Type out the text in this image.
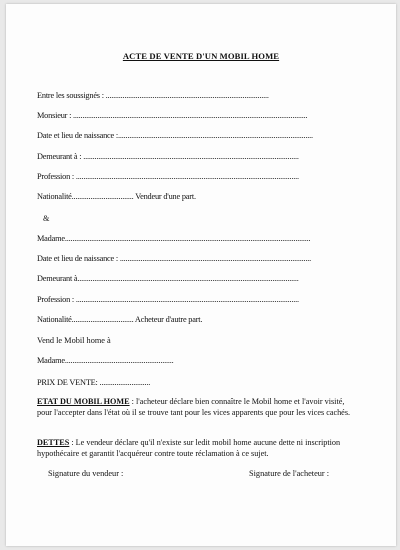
ACTE DE VENTE D'UN MOBIL HOME
Entre les soussignés : .......................................................................................
Monsieur : .............................................................................................................................
Date et lieu de naissance :........................................................................................................
Demeurant à : ...................................................................................................................
Profession : .......................................................................................................................
Nationalité................................. Vendeur d'une part.
&
Madame...................................................................................................................................
Date et lieu de naissance : ......................................................................................................
Demeurant à......................................................................................................................
Profession : .......................................................................................................................
Nationalité................................. Acheteur d'autre part.
Vend le Mobil home à
Madame..........................................................
PRIX DE VENTE: ...........................
ETAT DU MOBIL HOME : l'acheteur déclare bien connaître le Mobil home et l'avoir visité, pour l'accepter dans l'état où il se trouve tant pour les vices apparents que pour les vices cachés.
DETTES : Le vendeur déclare qu'il n'existe sur ledit mobil home aucune dette ni inscription hypothécaire et garantit l'acquéreur contre toute réclamation à ce sujet.
Signature du vendeur :	Signature de l'acheteur :
